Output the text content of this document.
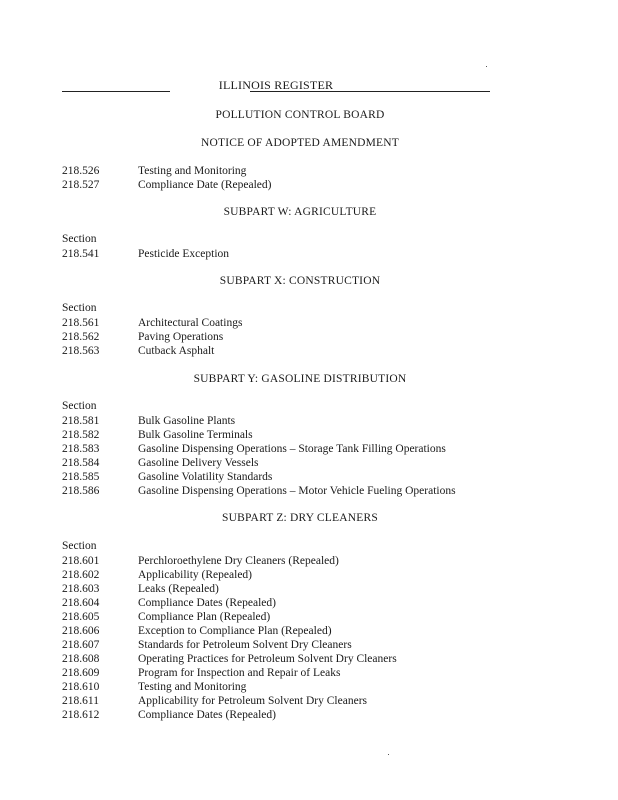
ILLINOIS REGISTER
POLLUTION CONTROL BOARD
NOTICE OF ADOPTED AMENDMENT
218.526	Testing and Monitoring
218.527	Compliance Date (Repealed)
SUBPART W: AGRICULTURE
Section
218.541	Pesticide Exception
SUBPART X: CONSTRUCTION
Section
218.561	Architectural Coatings
218.562	Paving Operations
218.563	Cutback Asphalt
SUBPART Y: GASOLINE DISTRIBUTION
Section
218.581	Bulk Gasoline Plants
218.582	Bulk Gasoline Terminals
218.583	Gasoline Dispensing Operations – Storage Tank Filling Operations
218.584	Gasoline Delivery Vessels
218.585	Gasoline Volatility Standards
218.586	Gasoline Dispensing Operations – Motor Vehicle Fueling Operations
SUBPART Z: DRY CLEANERS
Section
218.601	Perchloroethylene Dry Cleaners (Repealed)
218.602	Applicability (Repealed)
218.603	Leaks (Repealed)
218.604	Compliance Dates (Repealed)
218.605	Compliance Plan (Repealed)
218.606	Exception to Compliance Plan (Repealed)
218.607	Standards for Petroleum Solvent Dry Cleaners
218.608	Operating Practices for Petroleum Solvent Dry Cleaners
218.609	Program for Inspection and Repair of Leaks
218.610	Testing and Monitoring
218.611	Applicability for Petroleum Solvent Dry Cleaners
218.612	Compliance Dates (Repealed)
